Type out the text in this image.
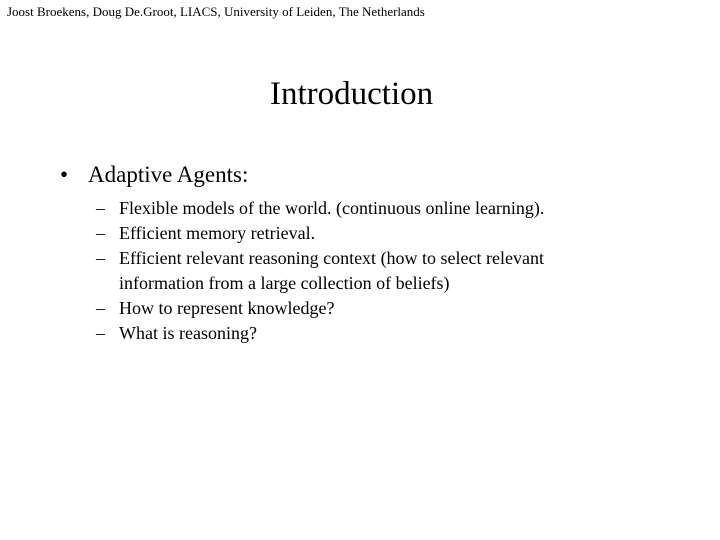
Joost Broekens, Doug De.Groot, LIACS, University of Leiden, The Netherlands
Introduction
• Adaptive Agents:
– Flexible models of the world. (continuous online learning).
– Efficient memory retrieval.
– Efficient relevant reasoning context (how to select relevant information from a large collection of beliefs)
– How to represent knowledge?
– What is reasoning?
